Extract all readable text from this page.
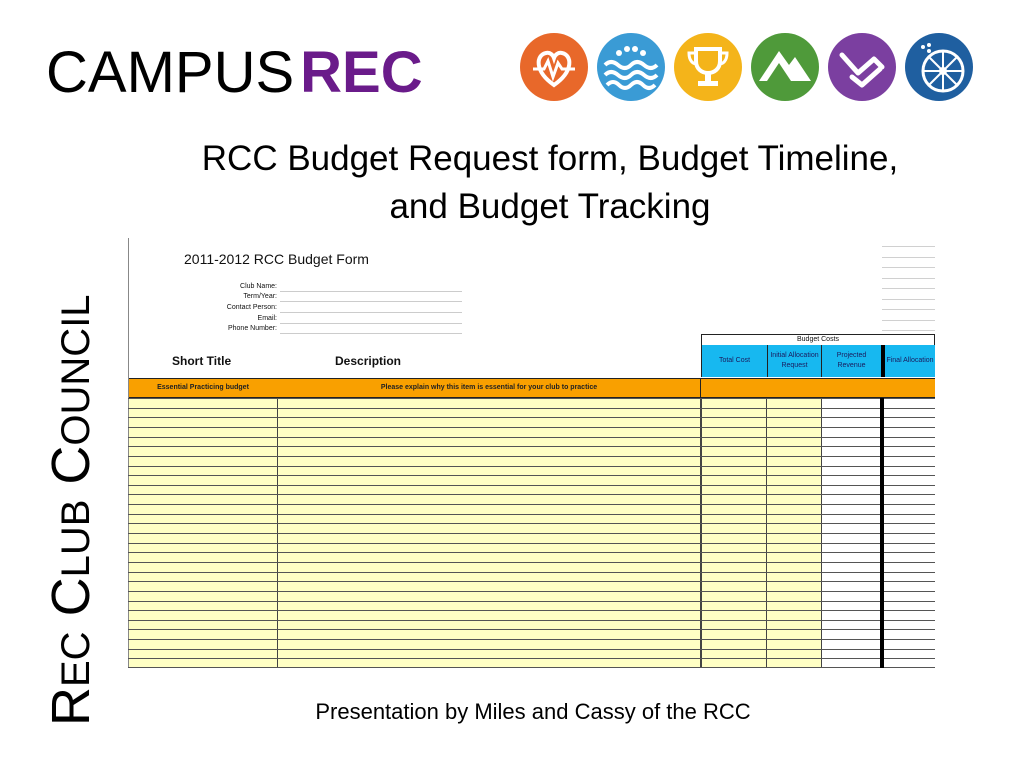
CAMPUS REC
REC CLUB COUNCIL
RCC Budget Request form, Budget Timeline,
and Budget Tracking
2011-2012 RCC Budget Form
Club Name:
Term/Year:
Contact Person:
Email:
Phone Number:
Budget Costs
Total Cost
Initial Allocation Request
Projected Revenue
Final Allocation
Short Title	Description
Essential Practicing budget	Please explain why this item is essential for your club to practice
Presentation by Miles and Cassy of the RCC
